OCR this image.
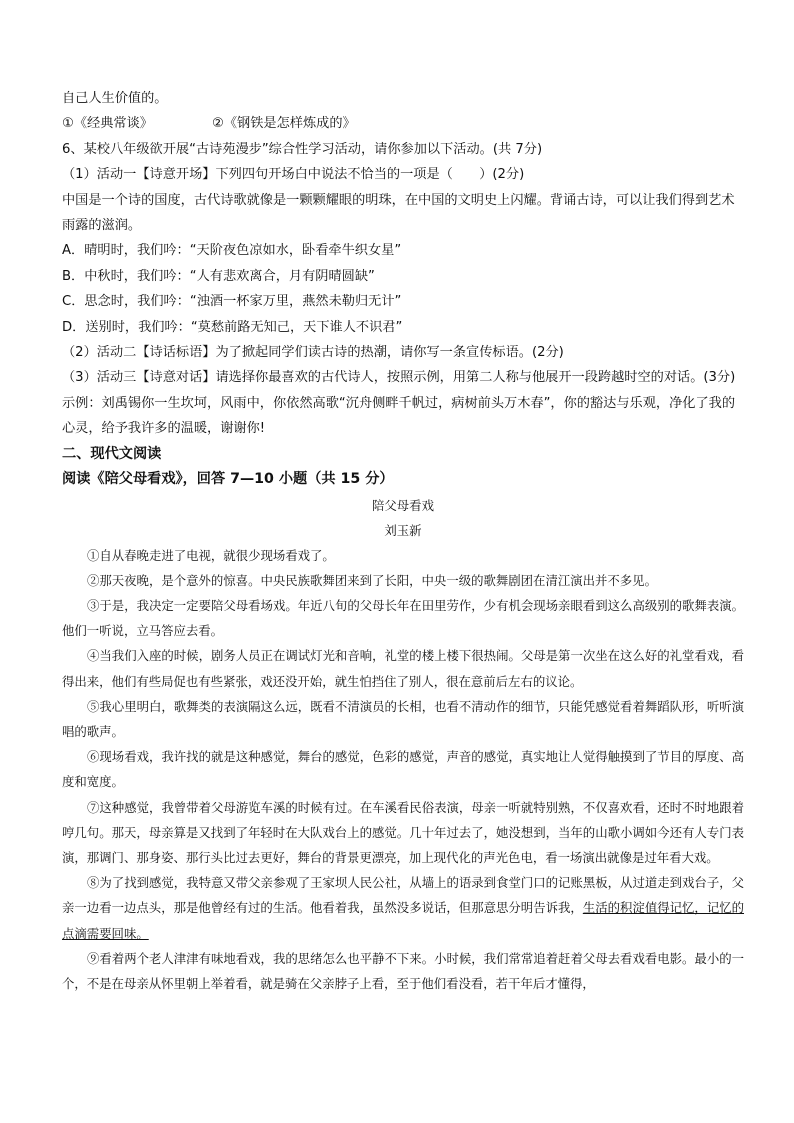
自己人生价值的。

①《经典常谈》	②《钢铁是怎样炼成的》

6、某校八年级欲开展“古诗苑漫步”综合性学习活动，请你参加以下活动。(共 7分)

（1）活动一【诗意开场】下列四句开场白中说法不恰当的一项是（　　）(2分)

中国是一个诗的国度，古代诗歌就像是一颗颗耀眼的明珠，在中国的文明史上闪耀。背诵古诗，可以让我们得到艺术雨露的滋润。

A．晴明时，我们吟：“天阶夜色凉如水，卧看牵牛织女星”

B．中秋时，我们吟：“人有悲欢离合，月有阴晴圆缺”

C．思念时，我们吟：“浊酒一杯家万里，燕然未勒归无计”

D．送别时，我们吟：“莫愁前路无知己，天下谁人不识君”

（2）活动二【诗话标语】为了掀起同学们读古诗的热潮，请你写一条宣传标语。(2分)

（3）活动三【诗意对话】请选择你最喜欢的古代诗人，按照示例，用第二人称与他展开一段跨越时空的对话。(3分)

示例：刘禹锡你一生坎坷，风雨中，你依然高歌“沉舟侧畔千帆过，病树前头万木春”，你的豁达与乐观，净化了我的心灵，给予我许多的温暖，谢谢你!

二、现代文阅读

阅读《陪父母看戏》，回答 7—10 小题（共 15 分）

陪父母看戏

刘玉新

①自从春晚走进了电视，就很少现场看戏了。

②那天夜晚，是个意外的惊喜。中央民族歌舞团来到了长阳，中央一级的歌舞剧团在清江演出并不多见。

③于是，我决定一定要陪父母看场戏。年近八旬的父母长年在田里劳作，少有机会现场亲眼看到这么高级别的歌舞表演。他们一听说，立马答应去看。

④当我们入座的时候，剧务人员正在调试灯光和音响，礼堂的楼上楼下很热闹。父母是第一次坐在这么好的礼堂看戏，看得出来，他们有些局促也有些紧张，戏还没开始，就生怕挡住了别人，很在意前后左右的议论。

⑤我心里明白，歌舞类的表演隔这么远，既看不清演员的长相，也看不清动作的细节，只能凭感觉看着舞蹈队形，听听演唱的歌声。

⑥现场看戏，我许找的就是这种感觉，舞台的感觉，色彩的感觉，声音的感觉，真实地让人觉得触摸到了节目的厚度、高度和宽度。

⑦这种感觉，我曾带着父母游览车溪的时候有过。在车溪看民俗表演，母亲一听就特别熟，不仅喜欢看，还时不时地跟着哼几句。那天，母亲算是又找到了年轻时在大队戏台上的感觉。几十年过去了，她没想到，当年的山歌小调如今还有人专门表演，那调门、那身姿、那行头比过去更好，舞台的背景更漂亮，加上现代化的声光色电，看一场演出就像是过年看大戏。

⑧为了找到感觉，我特意又带父亲参观了王家坝人民公社，从墙上的语录到食堂门口的记账黑板，从过道走到戏台子，父亲一边看一边点头，那是他曾经有过的生活。他看着我，虽然没多说话，但那意思分明告诉我，生活的积淀值得记忆，记忆的点滴需要回味。

⑨看着两个老人津津有味地看戏，我的思绪怎么也平静不下来。小时候，我们常常追着赶着父母去看戏看电影。最小的一个，不是在母亲从怀里朝上举着看，就是骑在父亲脖子上看，至于他们看没看，若干年后才懂得，
